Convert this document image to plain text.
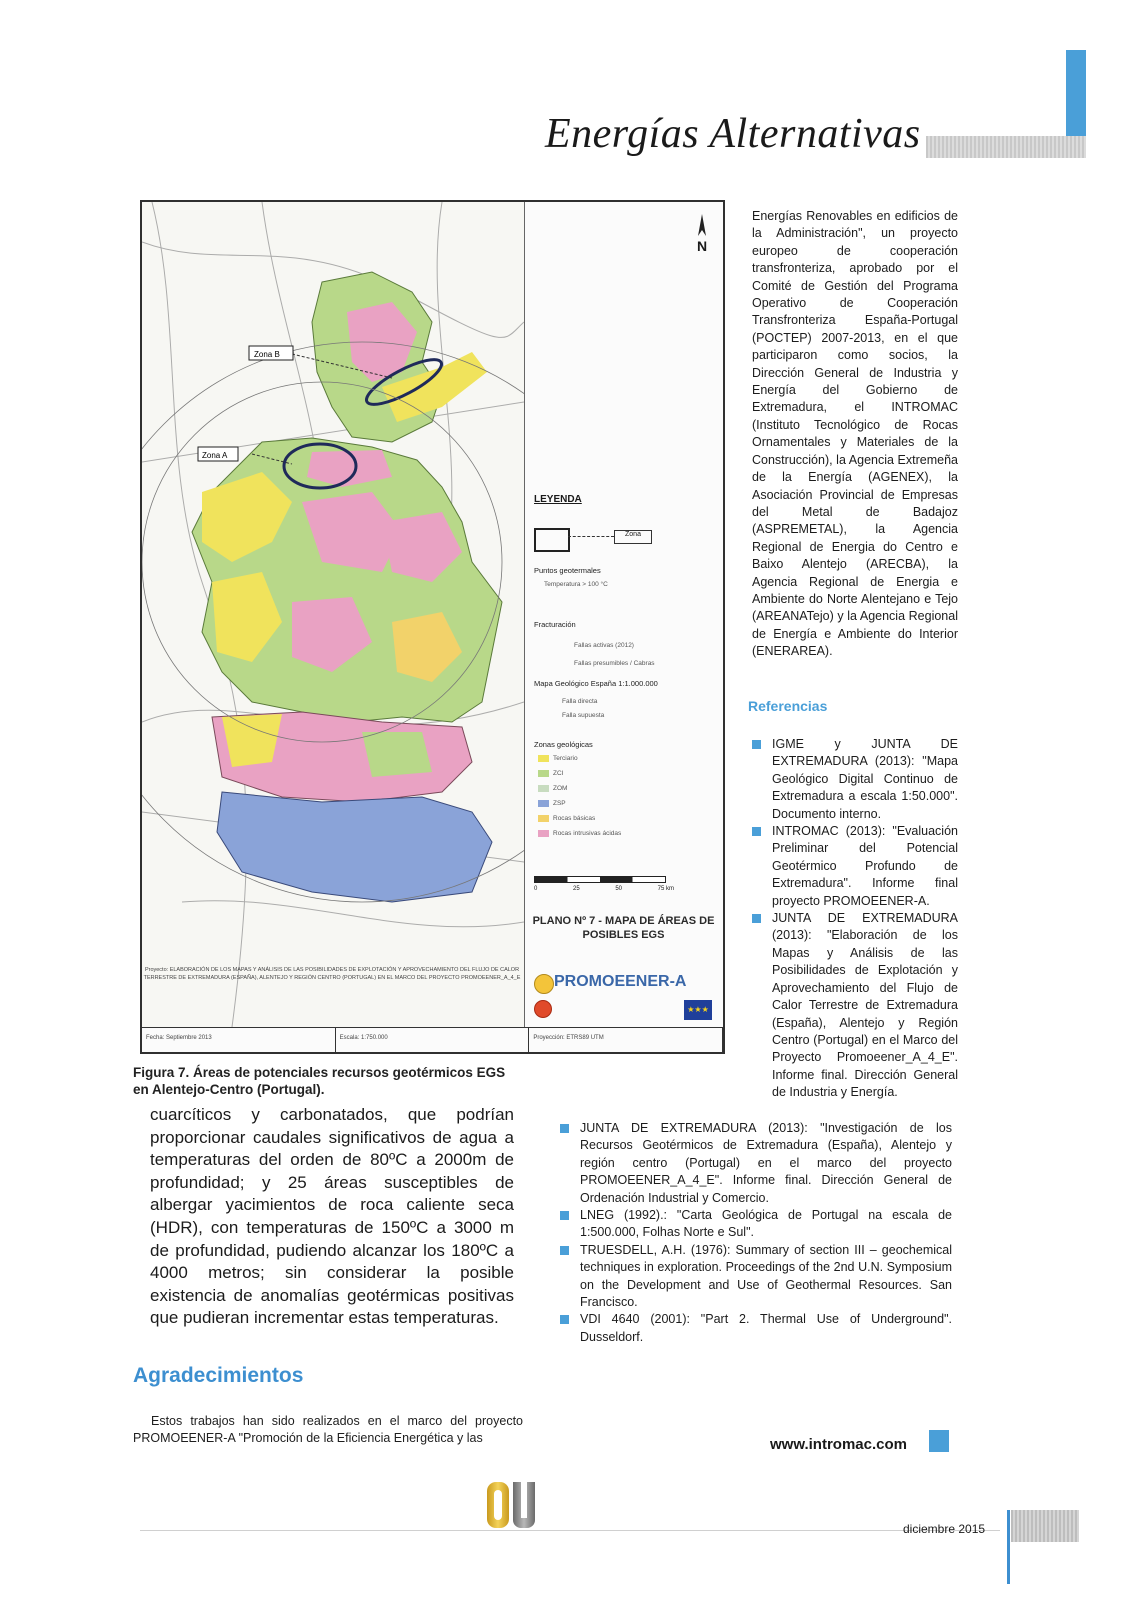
Energías Alternativas
Zona B
Zona A
Proyecto: ELABORACIÓN DE LOS MAPAS Y ANÁLISIS DE LAS POSIBILIDADES DE EXPLOTACIÓN Y APROVECHAMIENTO DEL FLUJO DE CALOR TERRESTRE DE EXTREMADURA (ESPAÑA), ALENTEJO Y REGIÓN CENTRO (PORTUGAL) EN EL MARCO DEL PROYECTO PROMOEENER_A_4_E
N
LEYENDA
Zona
Puntos geotermales
Temperatura > 100 °C
Fracturación
Fallas activas (2012)
Fallas presumibles / Cabras
Mapa Geológico España 1:1.000.000
Falla directa
Falla supuesta
Zonas geológicas
Terciario
ZCI
ZOM
ZSP
Rocas básicas
Rocas intrusivas ácidas
0	25	50	75 km
PLANO Nº 7 - MAPA DE ÁREAS DE POSIBLES EGS
PROMOEENER-A
★★★
Fecha: Septiembre 2013	Escala: 1:750.000	Proyección: ETRS89 UTM
Figura 7. Áreas de potenciales recursos geotérmicos EGS en Alentejo-Centro (Portugal).
cuarcíticos y carbonatados, que podrían proporcionar caudales significativos de agua a temperaturas del orden de 80ºC a 2000m de profundidad; y 25 áreas susceptibles de albergar yacimientos de roca caliente seca (HDR), con temperaturas de 150ºC a 3000 m de profundidad, pudiendo alcanzar los 180ºC a 4000 metros; sin considerar la posible existencia de anomalías geotérmicas positivas que pudieran incrementar estas temperaturas.
Agradecimientos
Estos trabajos han sido realizados en el marco del proyecto PROMOEENER-A "Promoción de la Eficiencia Energética y las
Energías Renovables en edificios de la Administración", un proyecto europeo de cooperación transfronteriza, aprobado por el Comité de Gestión del Programa Operativo de Cooperación Transfronteriza España-Portugal (POCTEP) 2007-2013, en el que participaron como socios, la Dirección General de Industria y Energía del Gobierno de Extremadura, el INTROMAC (Instituto Tecnológico de Rocas Ornamentales y Materiales de la Construcción), la Agencia Extremeña de la Energía (AGENEX), la Asociación Provincial de Empresas del Metal de Badajoz (ASPREMETAL), la Agencia Regional de Energia do Centro e Baixo Alentejo (ARECBA), la Agencia Regional de Energia e Ambiente do Norte Alentejano e Tejo (AREANATejo) y la Agencia Regional de Energía e Ambiente do Interior (ENERAREA).
Referencias
IGME y JUNTA DE EXTREMADURA (2013): "Mapa Geológico Digital Continuo de Extremadura a escala 1:50.000". Documento interno.
INTROMAC (2013): "Evaluación Preliminar del Potencial Geotérmico Profundo de Extremadura". Informe final proyecto PROMOEENER-A.
JUNTA DE EXTREMADURA (2013): "Elaboración de los Mapas y Análisis de las Posibilidades de Explotación y Aprovechamiento del Flujo de Calor Terrestre de Extremadura (España), Alentejo y Región Centro (Portugal) en el Marco del Proyecto Promoeener_A_4_E". Informe final. Dirección General de Industria y Energía.
JUNTA DE EXTREMADURA (2013): "Investigación de los Recursos Geotérmicos de Extremadura (España), Alentejo y región centro (Portugal) en el marco del proyecto PROMOEENER_A_4_E". Informe final. Dirección General de Ordenación Industrial y Comercio.
LNEG (1992).: "Carta Geológica de Portugal na escala de 1:500.000, Folhas Norte e Sul".
TRUESDELL, A.H. (1976): Summary of section III – geochemical techniques in exploration. Proceedings of the 2nd U.N. Symposium on the Development and Use of Geothermal Resources. San Francisco.
VDI 4640 (2001): "Part 2. Thermal Use of Underground". Dusseldorf.
www.intromac.com
diciembre 2015
